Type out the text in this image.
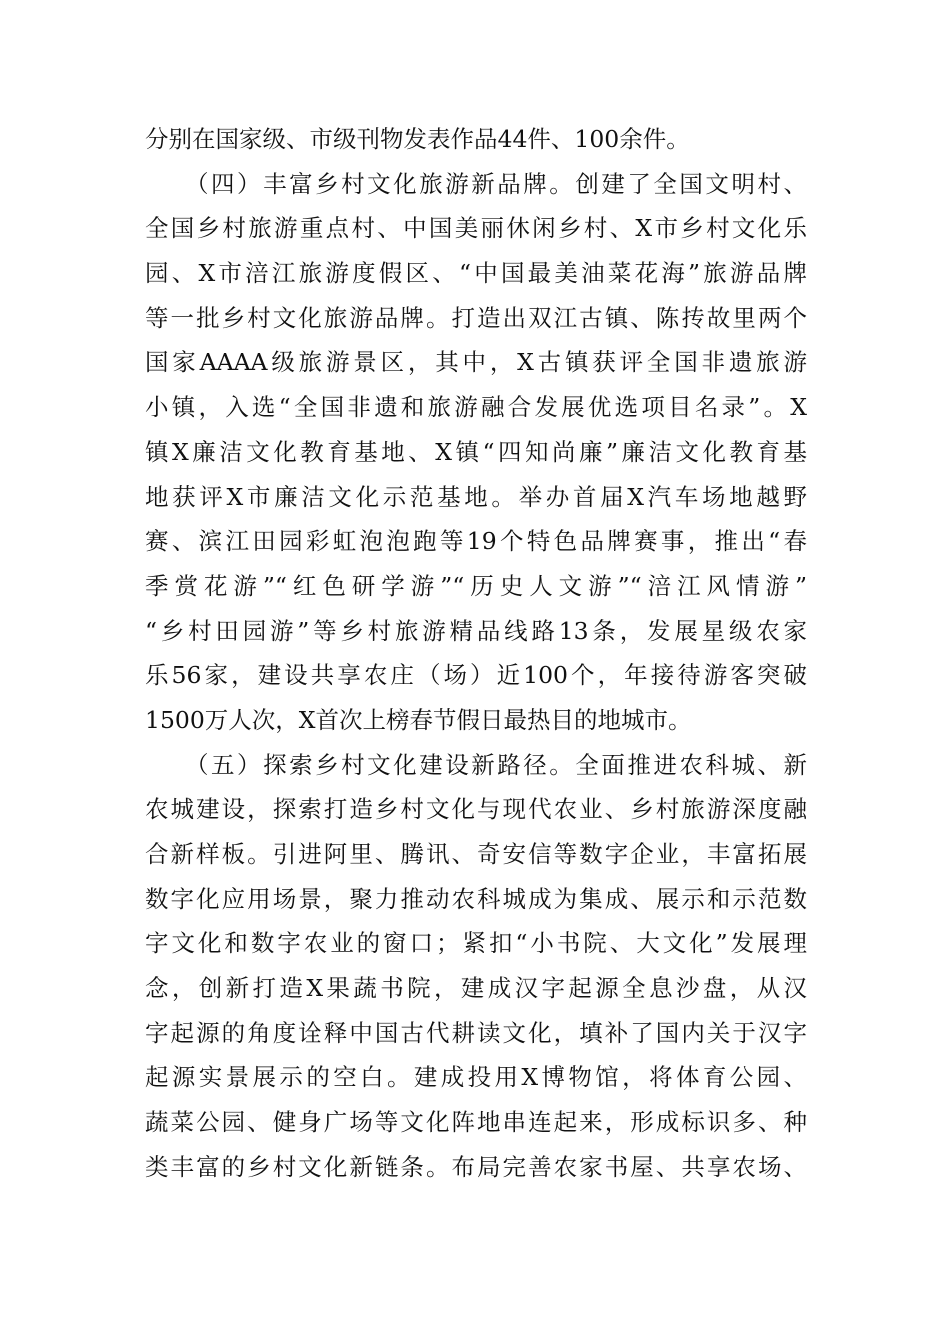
分别在国家级、市级刊物发表作品44件、100余件。
（四）丰富乡村文化旅游新品牌。创建了全国文明村、
全国乡村旅游重点村、中国美丽休闲乡村、X市乡村文化乐
园、X市涪江旅游度假区、“中国最美油菜花海”旅游品牌
等一批乡村文化旅游品牌。打造出双江古镇、陈抟故里两个
国家AAAA级旅游景区，其中，X古镇获评全国非遗旅游
小镇，入选“全国非遗和旅游融合发展优选项目名录”。X
镇X廉洁文化教育基地、X镇“四知尚廉”廉洁文化教育基
地获评X市廉洁文化示范基地。举办首届X汽车场地越野
赛、滨江田园彩虹泡泡跑等19个特色品牌赛事，推出“春
季赏花游”“红色研学游”“历史人文游”“涪江风情游”
“乡村田园游”等乡村旅游精品线路13条，发展星级农家
乐56家，建设共享农庄（场）近100个，年接待游客突破
1500万人次，X首次上榜春节假日最热目的地城市。
（五）探索乡村文化建设新路径。全面推进农科城、新
农城建设，探索打造乡村文化与现代农业、乡村旅游深度融
合新样板。引进阿里、腾讯、奇安信等数字企业，丰富拓展
数字化应用场景，聚力推动农科城成为集成、展示和示范数
字文化和数字农业的窗口；紧扣“小书院、大文化”发展理
念，创新打造X果蔬书院，建成汉字起源全息沙盘，从汉
字起源的角度诠释中国古代耕读文化，填补了国内关于汉字
起源实景展示的空白。建成投用X博物馆，将体育公园、
蔬菜公园、健身广场等文化阵地串连起来，形成标识多、种
类丰富的乡村文化新链条。布局完善农家书屋、共享农场、
